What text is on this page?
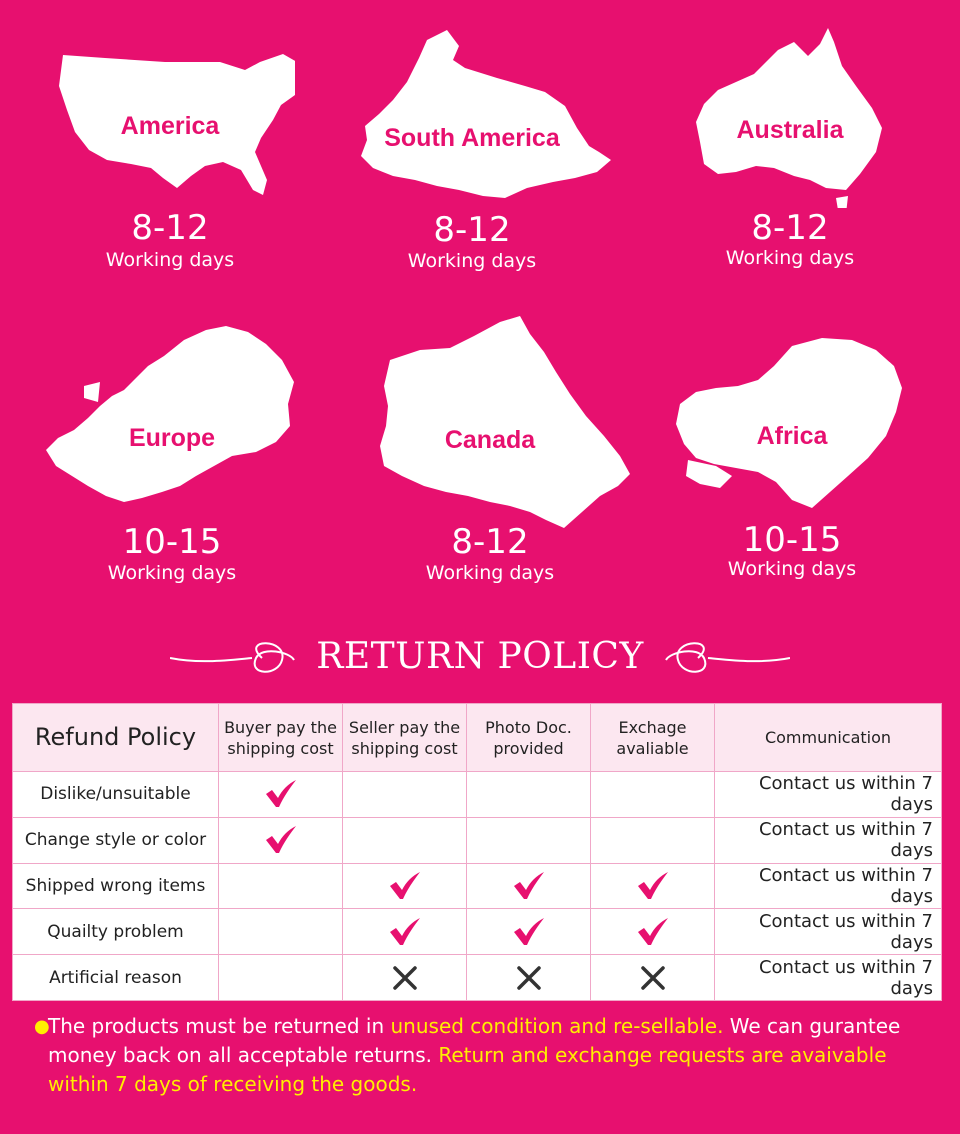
America
8-12
Working days
South America
8-12
Working days
Australia
8-12
Working days
Europe
10-15
Working days
Canada
8-12
Working days
Africa
10-15
Working days
RETURN POLICY
Refund Policy	Buyer pay the shipping cost	Seller pay the shipping cost	Photo Doc. provided	Exchage avaliable	Communication
Dislike/unsuitable					Contact us within 7 days
Change style or color					Contact us within 7 days
Shipped wrong items					Contact us within 7 days
Quailty problem					Contact us within 7 days
Artificial reason					Contact us within 7 days
●
The products must be returned in unused condition and re-sellable. We can gurantee money back on all acceptable returns. Return and exchange requests are avaivable within 7 days of receiving the goods.
